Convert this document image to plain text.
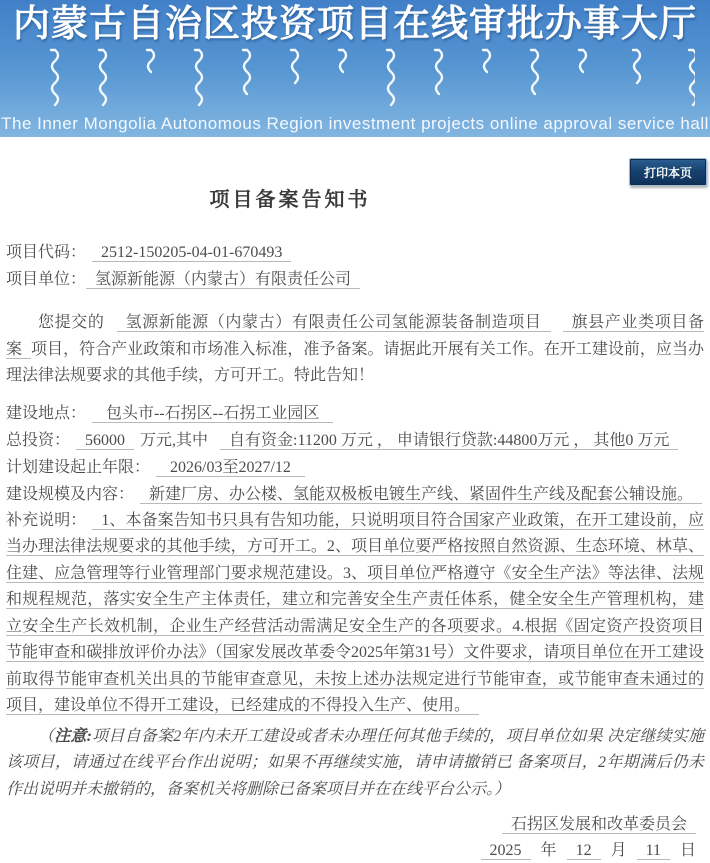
内蒙古自治区投资项目在线审批办事大厅
The Inner Mongolia Autonomous Region investment projects online approval service hall
打印本页
项目备案告知书

项目代码： 2512-150205-04-01-670493

项目单位： 氢源新能源（内蒙古）有限责任公司

您提交的 氢源新能源（内蒙古）有限责任公司氢能源装备制造项目 旗县产业类项目备案 项目，符合产业政策和市场准入标准，准予备案。请据此开展有关工作。在开工建设前，应当办理法律法规要求的其他手续，方可开工。特此告知！

建设地点： 包头市--石拐区--石拐工业园区

总投资： 56000 万元,其中 自有资金:11200 万元 ， 申请银行贷款:44800万元 ， 其他0 万元

计划建设起止年限： 2026/03至2027/12

建设规模及内容： 新建厂房、办公楼、氢能双极板电镀生产线、紧固件生产线及配套公辅设施。

补充说明： 1、本备案告知书只具有告知功能，只说明项目符合国家产业政策，在开工建设前，应当办理法律法规要求的其他手续，方可开工。2、项目单位要严格按照自然资源、生态环境、林草、住建、应急管理等行业管理部门要求规范建设。3、项目单位严格遵守《安全生产法》等法律、法规和规程规范，落实安全生产主体责任，建立和完善安全生产责任体系，健全安全生产管理机构，建立安全生产长效机制，企业生产经营活动需满足安全生产的各项要求。4.根据《固定资产投资项目节能审查和碳排放评价办法》（国家发展改革委令2025年第31号）文件要求，请项目单位在开工建设前取得节能审查机关出具的节能审查意见，未按上述办法规定进行节能审查，或节能审查未通过的项目，建设单位不得开工建设，已经建成的不得投入生产、使用。

（注意:项目自备案2年内未开工建设或者未办理任何其他手续的，项目单位如果 决定继续实施该项目，请通过在线平台作出说明；如果不再继续实施，请申请撤销已 备案项目，2年期满后仍未作出说明并未撤销的，备案机关将删除已备案项目并在在线平台公示。）

石拐区发展和改革委员会

2025 年 12 月 11 日
